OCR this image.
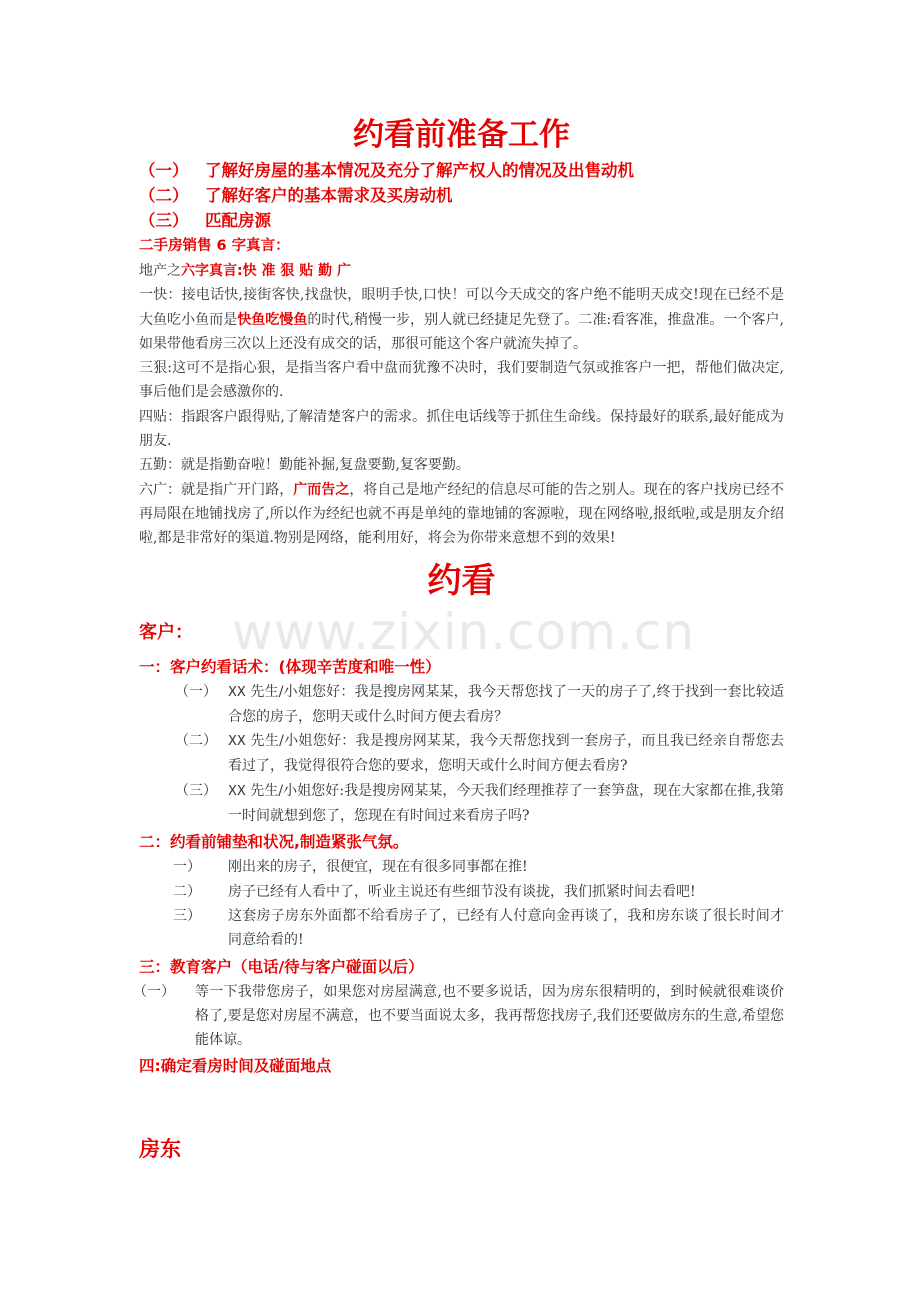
www.zixin.com.cn
约看前准备工作
（一） 了解好房屋的基本情况及充分了解产权人的情况及出售动机
（二） 了解好客户的基本需求及买房动机
（三） 匹配房源
二手房销售 6 字真言：
地产之六字真言:快 准 狠 贴 勤 广
一快：接电话快,接街客快,找盘快，眼明手快,口快！可以今天成交的客户绝不能明天成交!现在已经不是大鱼吃小鱼而是快鱼吃慢鱼的时代,稍慢一步，别人就已经捷足先登了。二准:看客准，推盘准。一个客户,如果带他看房三次以上还没有成交的话，那很可能这个客户就流失掉了。
三狠:这可不是指心狠，是指当客户看中盘而犹豫不决时，我们要制造气氛或推客户一把，帮他们做决定,事后他们是会感激你的.
四贴：指跟客户跟得贴,了解清楚客户的需求。抓住电话线等于抓住生命线。保持最好的联系,最好能成为朋友.
五勤：就是指勤奋啦！勤能补掘,复盘要勤,复客要勤。
六广：就是指广开门路，广而告之，将自己是地产经纪的信息尽可能的告之别人。现在的客户找房已经不再局限在地铺找房了,所以作为经纪也就不再是单纯的靠地铺的客源啦，现在网络啦,报纸啦,或是朋友介绍啦,都是非常好的渠道.物别是网络，能利用好，将会为你带来意想不到的效果!
约看
客户：
一：客户约看话术：(体现辛苦度和唯一性）
（一） XX 先生/小姐您好：我是搜房网某某，我今天帮您找了一天的房子了,终于找到一套比较适合您的房子，您明天或什么时间方便去看房？
（二） XX 先生/小姐您好：我是搜房网某某，我今天帮您找到一套房子，而且我已经亲自帮您去看过了，我觉得很符合您的要求，您明天或什么时间方便去看房?
（三） XX 先生/小姐您好:我是搜房网某某，今天我们经理推荐了一套笋盘，现在大家都在推,我第一时间就想到您了，您现在有时间过来看房子吗?
二：约看前铺垫和状况,制造紧张气氛。
一） 刚出来的房子，很便宜，现在有很多同事都在推!
二） 房子已经有人看中了，听业主说还有些细节没有谈拢，我们抓紧时间去看吧!
三） 这套房子房东外面都不给看房子了，已经有人付意向金再谈了，我和房东谈了很长时间才同意给看的!
三：教育客户（电话/待与客户碰面以后）
（一） 等一下我带您房子，如果您对房屋满意,也不要多说话，因为房东很精明的，到时候就很难谈价格了,要是您对房屋不满意，也不要当面说太多，我再帮您找房子,我们还要做房东的生意,希望您能体谅。
四:确定看房时间及碰面地点
房东
